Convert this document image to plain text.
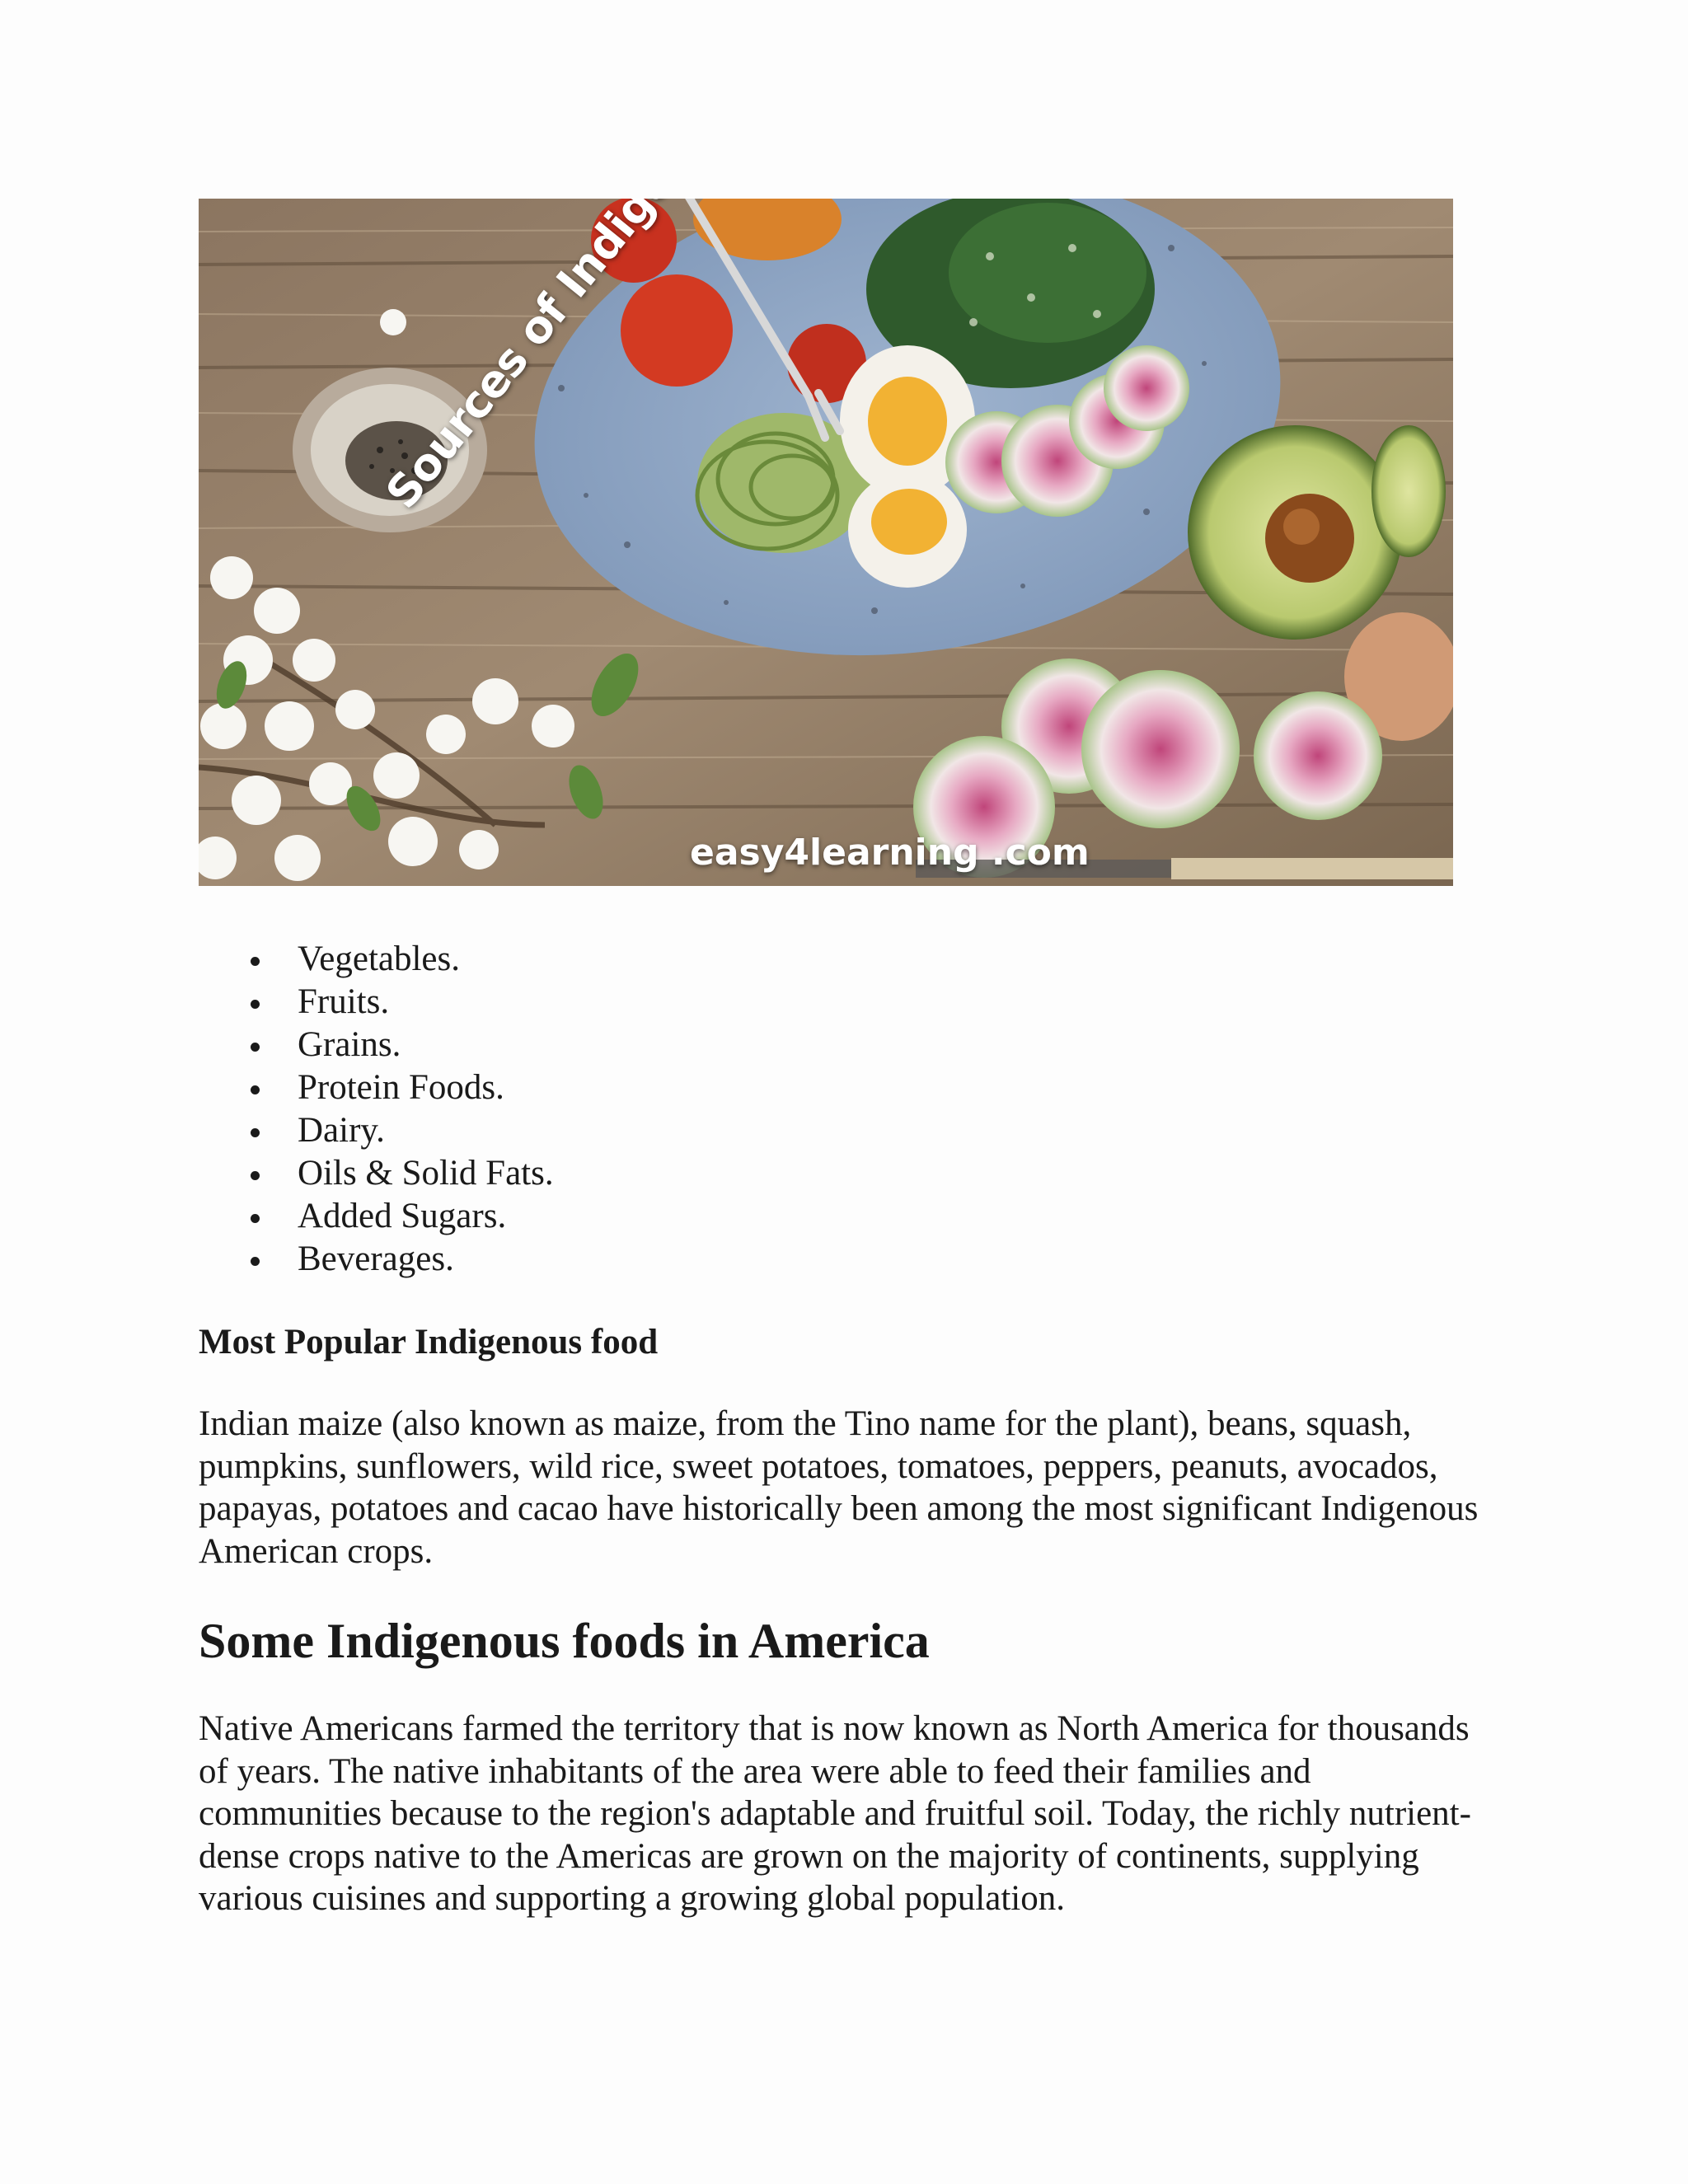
Sources of
easy4learning .com
Vegetables.
Fruits.
Grains.
Protein Foods.
Dairy.
Oils & Solid Fats.
Added Sugars.
Beverages.
Most Popular Indigenous food

Indian maize (also known as maize, from the Tino name for the plant), beans, squash, pumpkins, sunflowers, wild rice, sweet potatoes, tomatoes, peppers, peanuts, avocados, papayas, potatoes and cacao have historically been among the most significant Indigenous American crops.

Some Indigenous foods in America

Native Americans farmed the territory that is now known as North America for thousands of years. The native inhabitants of the area were able to feed their families and communities because to the region's adaptable and fruitful soil. Today, the richly nutrient-dense crops native to the Americas are grown on the majority of continents, supplying various cuisines and supporting a growing global population.
